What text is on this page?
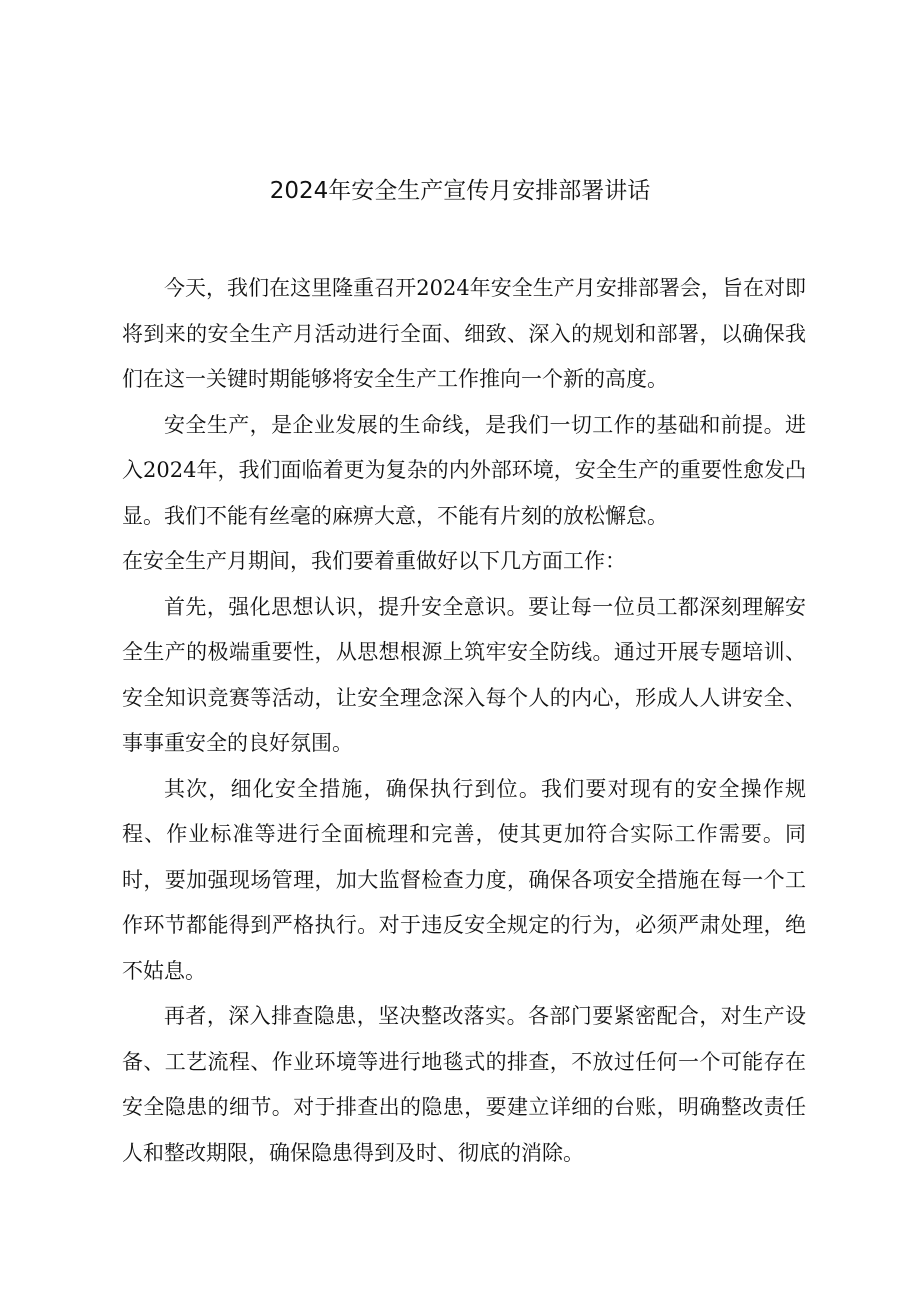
2024年安全生产宣传月安排部署讲话

今天，我们在这里隆重召开2024年安全生产月安排部署会，旨在对即将到来的安全生产月活动进行全面、细致、深入的规划和部署，以确保我们在这一关键时期能够将安全生产工作推向一个新的高度。

安全生产，是企业发展的生命线，是我们一切工作的基础和前提。进入2024年，我们面临着更为复杂的内外部环境，安全生产的重要性愈发凸显。我们不能有丝毫的麻痹大意，不能有片刻的放松懈怠。

在安全生产月期间，我们要着重做好以下几方面工作：

首先，强化思想认识，提升安全意识。要让每一位员工都深刻理解安全生产的极端重要性，从思想根源上筑牢安全防线。通过开展专题培训、安全知识竞赛等活动，让安全理念深入每个人的内心，形成人人讲安全、事事重安全的良好氛围。

其次，细化安全措施，确保执行到位。我们要对现有的安全操作规程、作业标准等进行全面梳理和完善，使其更加符合实际工作需要。同时，要加强现场管理，加大监督检查力度，确保各项安全措施在每一个工作环节都能得到严格执行。对于违反安全规定的行为，必须严肃处理，绝不姑息。

再者，深入排查隐患，坚决整改落实。各部门要紧密配合，对生产设备、工艺流程、作业环境等进行地毯式的排查，不放过任何一个可能存在安全隐患的细节。对于排查出的隐患，要建立详细的台账，明确整改责任人和整改期限，确保隐患得到及时、彻底的消除。
